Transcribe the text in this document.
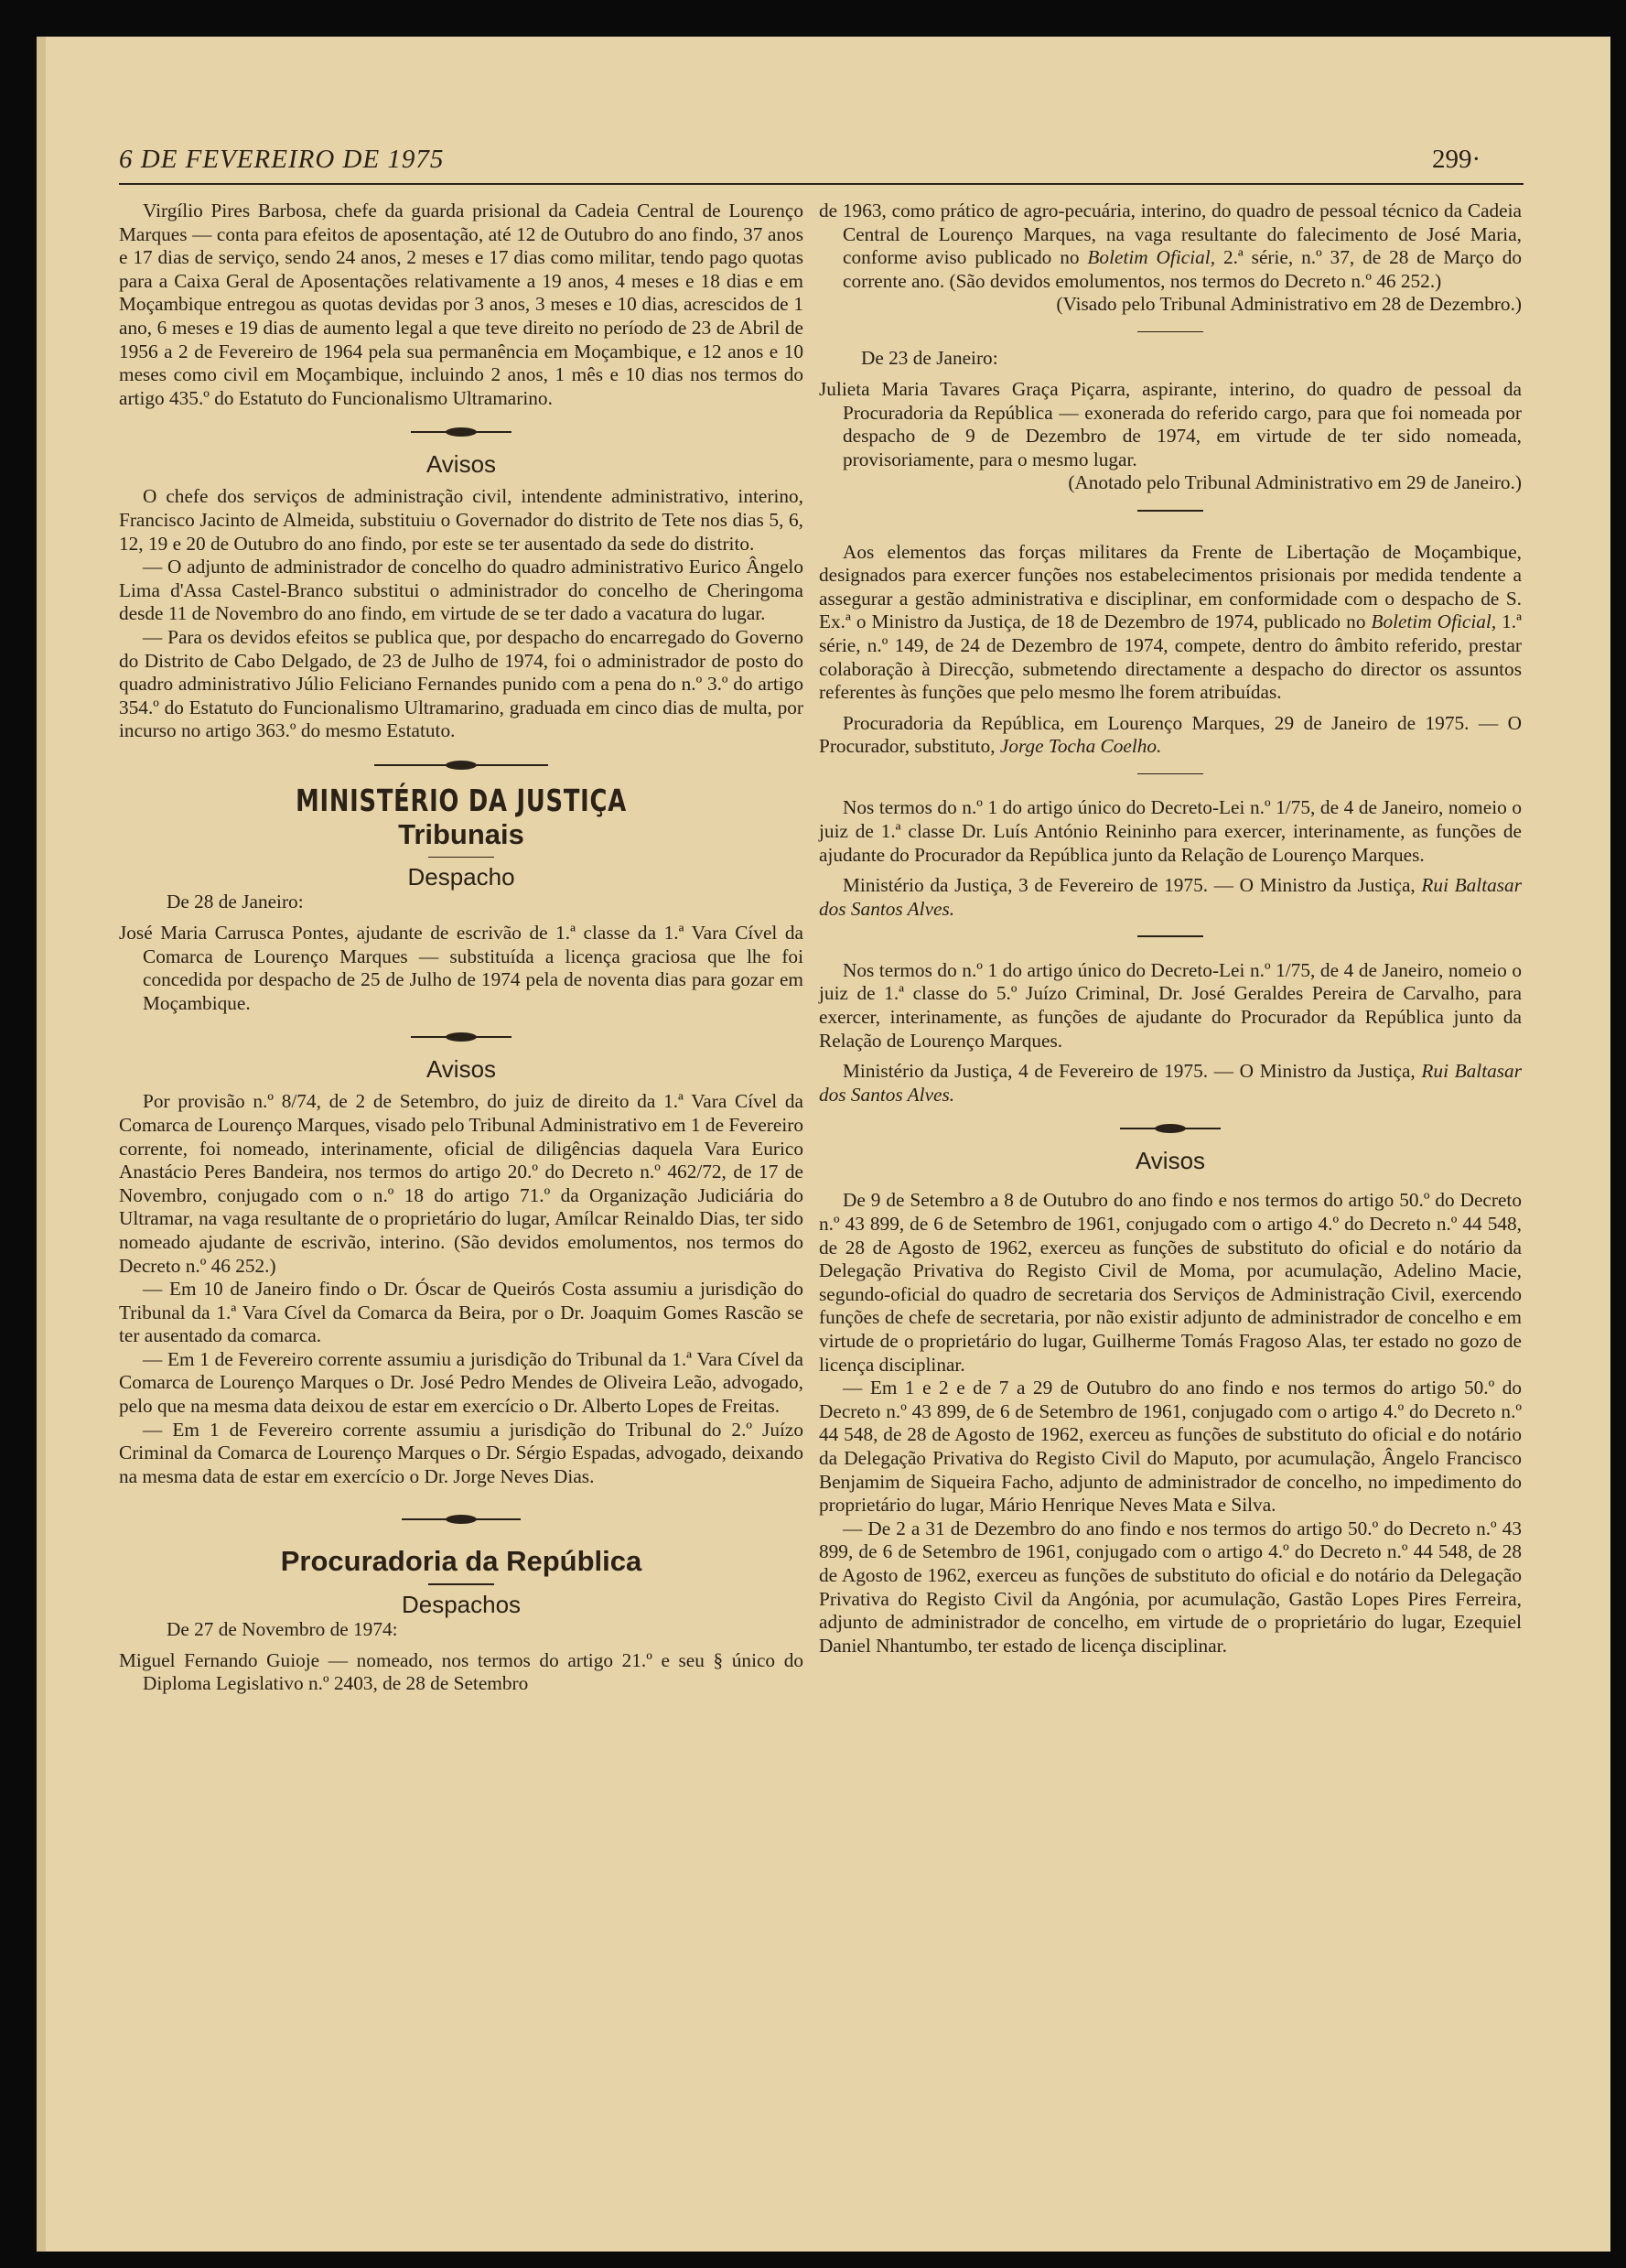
6 DE FEVEREIRO DE 1975	299·

Virgílio Pires Barbosa, chefe da guarda prisional da Cadeia Central de Lourenço Marques — conta para efeitos de aposentação, até 12 de Outubro do ano findo, 37 anos e 17 dias de serviço, sendo 24 anos, 2 meses e 17 dias como militar, tendo pago quotas para a Caixa Geral de Aposentações relativamente a 19 anos, 4 meses e 18 dias e em Moçambique entregou as quotas devidas por 3 anos, 3 meses e 10 dias, acrescidos de 1 ano, 6 meses e 19 dias de aumento legal a que teve direito no período de 23 de Abril de 1956 a 2 de Fevereiro de 1964 pela sua permanência em Moçambique, e 12 anos e 10 meses como civil em Moçambique, incluindo 2 anos, 1 mês e 10 dias nos termos do artigo 435.º do Estatuto do Funcionalismo Ultramarino.

Avisos

O chefe dos serviços de administração civil, intendente administrativo, interino, Francisco Jacinto de Almeida, substituiu o Governador do distrito de Tete nos dias 5, 6, 12, 19 e 20 de Outubro do ano findo, por este se ter ausentado da sede do distrito.

— O adjunto de administrador de concelho do quadro administrativo Eurico Ângelo Lima d'Assa Castel-Branco substitui o administrador do concelho de Cheringoma desde 11 de Novembro do ano findo, em virtude de se ter dado a vacatura do lugar.

— Para os devidos efeitos se publica que, por despacho do encarregado do Governo do Distrito de Cabo Delgado, de 23 de Julho de 1974, foi o administrador de posto do quadro administrativo Júlio Feliciano Fernandes punido com a pena do n.º 3.º do artigo 354.º do Estatuto do Funcionalismo Ultramarino, graduada em cinco dias de multa, por incurso no artigo 363.º do mesmo Estatuto.

MINISTÉRIO DA JUSTIÇA
Tribunais
Despacho

De 28 de Janeiro:

José Maria Carrusca Pontes, ajudante de escrivão de 1.ª classe da 1.ª Vara Cível da Comarca de Lourenço Marques — substituída a licença graciosa que lhe foi concedida por despacho de 25 de Julho de 1974 pela de noventa dias para gozar em Moçambique.

Avisos

Por provisão n.º 8/74, de 2 de Setembro, do juiz de direito da 1.ª Vara Cível da Comarca de Lourenço Marques, visado pelo Tribunal Administrativo em 1 de Fevereiro corrente, foi nomeado, interinamente, oficial de diligências daquela Vara Eurico Anastácio Peres Bandeira, nos termos do artigo 20.º do Decreto n.º 462/72, de 17 de Novembro, conjugado com o n.º 18 do artigo 71.º da Organização Judiciária do Ultramar, na vaga resultante de o proprietário do lugar, Amílcar Reinaldo Dias, ter sido nomeado ajudante de escrivão, interino. (São devidos emolumentos, nos termos do Decreto n.º 46 252.)

— Em 10 de Janeiro findo o Dr. Óscar de Queirós Costa assumiu a jurisdição do Tribunal da 1.ª Vara Cível da Comarca da Beira, por o Dr. Joaquim Gomes Rascão se ter ausentado da comarca.

— Em 1 de Fevereiro corrente assumiu a jurisdição do Tribunal da 1.ª Vara Cível da Comarca de Lourenço Marques o Dr. José Pedro Mendes de Oliveira Leão, advogado, pelo que na mesma data deixou de estar em exercício o Dr. Alberto Lopes de Freitas.

— Em 1 de Fevereiro corrente assumiu a jurisdição do Tribunal do 2.º Juízo Criminal da Comarca de Lourenço Marques o Dr. Sérgio Espadas, advogado, deixando na mesma data de estar em exercício o Dr. Jorge Neves Dias.

Procuradoria da República
Despachos

De 27 de Novembro de 1974:

Miguel Fernando Guioje — nomeado, nos termos do artigo 21.º e seu § único do Diploma Legislativo n.º 2403, de 28 de Setembro

de 1963, como prático de agro-pecuária, interino, do quadro de pessoal técnico da Cadeia Central de Lourenço Marques, na vaga resultante do falecimento de José Maria, conforme aviso publicado no Boletim Oficial, 2.ª série, n.º 37, de 28 de Março do corrente ano. (São devidos emolumentos, nos termos do Decreto n.º 46 252.)

(Visado pelo Tribunal Administrativo em 28 de Dezembro.)

De 23 de Janeiro:

Julieta Maria Tavares Graça Piçarra, aspirante, interino, do quadro de pessoal da Procuradoria da República — exonerada do referido cargo, para que foi nomeada por despacho de 9 de Dezembro de 1974, em virtude de ter sido nomeada, provisoriamente, para o mesmo lugar.

(Anotado pelo Tribunal Administrativo em 29 de Janeiro.)

Aos elementos das forças militares da Frente de Libertação de Moçambique, designados para exercer funções nos estabelecimentos prisionais por medida tendente a assegurar a gestão administrativa e disciplinar, em conformidade com o despacho de S. Ex.ª o Ministro da Justiça, de 18 de Dezembro de 1974, publicado no Boletim Oficial, 1.ª série, n.º 149, de 24 de Dezembro de 1974, compete, dentro do âmbito referido, prestar colaboração à Direcção, submetendo directamente a despacho do director os assuntos referentes às funções que pelo mesmo lhe forem atribuídas.

Procuradoria da República, em Lourenço Marques, 29 de Janeiro de 1975. — O Procurador, substituto, Jorge Tocha Coelho.

Nos termos do n.º 1 do artigo único do Decreto-Lei n.º 1/75, de 4 de Janeiro, nomeio o juiz de 1.ª classe Dr. Luís António Reininho para exercer, interinamente, as funções de ajudante do Procurador da República junto da Relação de Lourenço Marques.

Ministério da Justiça, 3 de Fevereiro de 1975. — O Ministro da Justiça, Rui Baltasar dos Santos Alves.

Nos termos do n.º 1 do artigo único do Decreto-Lei n.º 1/75, de 4 de Janeiro, nomeio o juiz de 1.ª classe do 5.º Juízo Criminal, Dr. José Geraldes Pereira de Carvalho, para exercer, interinamente, as funções de ajudante do Procurador da República junto da Relação de Lourenço Marques.

Ministério da Justiça, 4 de Fevereiro de 1975. — O Ministro da Justiça, Rui Baltasar dos Santos Alves.

Avisos

De 9 de Setembro a 8 de Outubro do ano findo e nos termos do artigo 50.º do Decreto n.º 43 899, de 6 de Setembro de 1961, conjugado com o artigo 4.º do Decreto n.º 44 548, de 28 de Agosto de 1962, exerceu as funções de substituto do oficial e do notário da Delegação Privativa do Registo Civil de Moma, por acumulação, Adelino Macie, segundo-oficial do quadro de secretaria dos Serviços de Administração Civil, exercendo funções de chefe de secretaria, por não existir adjunto de administrador de concelho e em virtude de o proprietário do lugar, Guilherme Tomás Fragoso Alas, ter estado no gozo de licença disciplinar.

— Em 1 e 2 e de 7 a 29 de Outubro do ano findo e nos termos do artigo 50.º do Decreto n.º 43 899, de 6 de Setembro de 1961, conjugado com o artigo 4.º do Decreto n.º 44 548, de 28 de Agosto de 1962, exerceu as funções de substituto do oficial e do notário da Delegação Privativa do Registo Civil do Maputo, por acumulação, Ângelo Francisco Benjamim de Siqueira Facho, adjunto de administrador de concelho, no impedimento do proprietário do lugar, Mário Henrique Neves Mata e Silva.

— De 2 a 31 de Dezembro do ano findo e nos termos do artigo 50.º do Decreto n.º 43 899, de 6 de Setembro de 1961, conjugado com o artigo 4.º do Decreto n.º 44 548, de 28 de Agosto de 1962, exerceu as funções de substituto do oficial e do notário da Delegação Privativa do Registo Civil da Angónia, por acumulação, Gastão Lopes Pires Ferreira, adjunto de administrador de concelho, em virtude de o proprietário do lugar, Ezequiel Daniel Nhantumbo, ter estado de licença disciplinar.
